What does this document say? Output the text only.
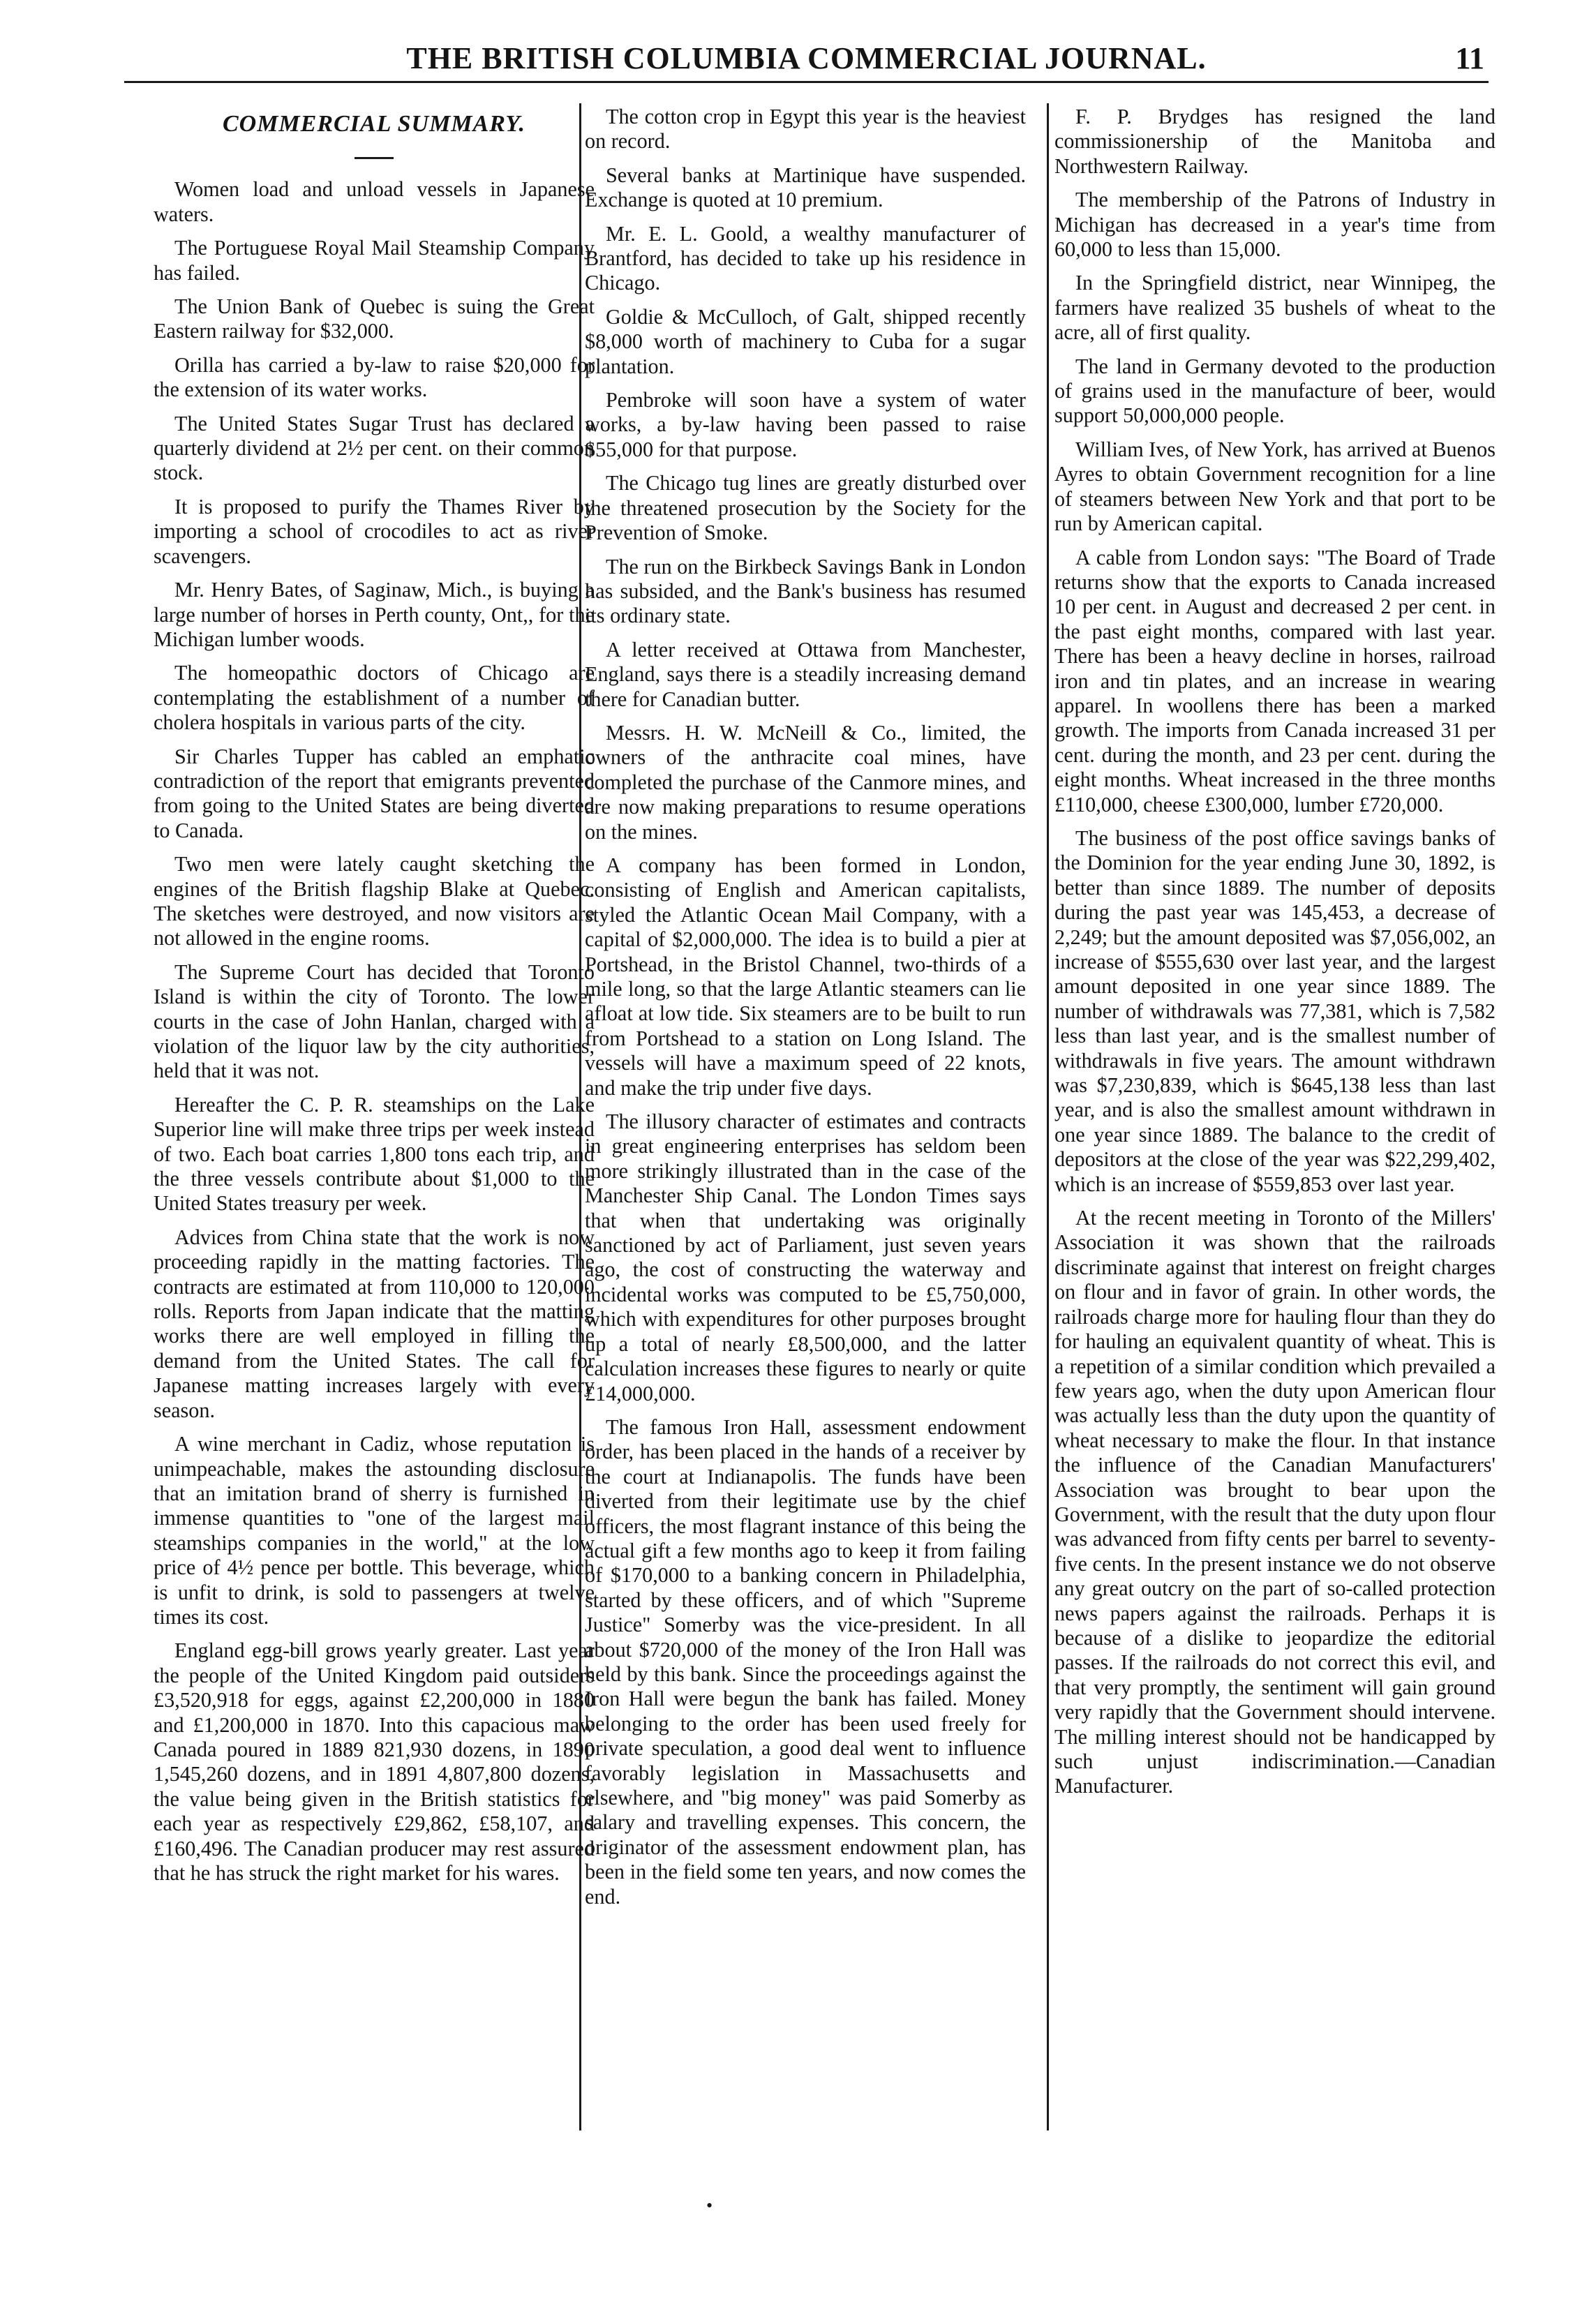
THE BRITISH COLUMBIA COMMERCIAL JOURNAL.	11
COMMERCIAL SUMMARY.

Women load and unload vessels in Japanese waters.

The Portuguese Royal Mail Steamship Company has failed.

The Union Bank of Quebec is suing the Great Eastern railway for $32,000.

Orilla has carried a by-law to raise $20,000 for the extension of its water works.

The United States Sugar Trust has declared a quarterly dividend at 2½ per cent. on their common stock.

It is proposed to purify the Thames River by importing a school of crocodiles to act as river scavengers.

Mr. Henry Bates, of Saginaw, Mich., is buying a large number of horses in Perth county, Ont,, for the Michigan lumber woods.

The homeopathic doctors of Chicago are contemplating the establishment of a number of cholera hospitals in various parts of the city.

Sir Charles Tupper has cabled an emphatic contradiction of the report that emigrants prevented from going to the United States are being diverted to Canada.

Two men were lately caught sketching the engines of the British flagship Blake at Quebec. The sketches were destroyed, and now visitors are not allowed in the engine rooms.

The Supreme Court has decided that Toronto Island is within the city of Toronto. The lower courts in the case of John Hanlan, charged with a violation of the liquor law by the city authorities, held that it was not.

Hereafter the C. P. R. steamships on the Lake Superior line will make three trips per week instead of two. Each boat carries 1,800 tons each trip, and the three vessels contribute about $1,000 to the United States treasury per week.

Advices from China state that the work is now proceeding rapidly in the matting factories. The contracts are estimated at from 110,000 to 120,000 rolls. Reports from Japan indicate that the matting works there are well employed in filling the demand from the United States. The call for Japanese matting increases largely with every season.

A wine merchant in Cadiz, whose reputation is unimpeachable, makes the astounding disclosure that an imitation brand of sherry is furnished in immense quantities to "one of the largest mail steamships companies in the world," at the low price of 4½ pence per bottle. This beverage, which is unfit to drink, is sold to passengers at twelve times its cost.

England egg-bill grows yearly greater. Last year the people of the United Kingdom paid outsiders £3,520,918 for eggs, against £2,200,000 in 1880 and £1,200,000 in 1870. Into this capacious maw Canada poured in 1889 821,930 dozens, in 1890 1,545,260 dozens, and in 1891 4,807,800 dozens, the value being given in the British statistics for each year as respectively £29,862, £58,107, and £160,496. The Canadian producer may rest assured that he has struck the right market for his wares.

The cotton crop in Egypt this year is the heaviest on record.

Several banks at Martinique have suspended. Exchange is quoted at 10 premium.

Mr. E. L. Goold, a wealthy manufacturer of Brantford, has decided to take up his residence in Chicago.

Goldie & McCulloch, of Galt, shipped recently $8,000 worth of machinery to Cuba for a sugar plantation.

Pembroke will soon have a system of water works, a by-law having been passed to raise $55,000 for that purpose.

The Chicago tug lines are greatly disturbed over the threatened prosecution by the Society for the Prevention of Smoke.

The run on the Birkbeck Savings Bank in London has subsided, and the Bank's business has resumed its ordinary state.

A letter received at Ottawa from Manchester, England, says there is a steadily increasing demand there for Canadian butter.

Messrs. H. W. McNeill & Co., limited, the owners of the anthracite coal mines, have completed the purchase of the Canmore mines, and are now making preparations to resume operations on the mines.

A company has been formed in London, consisting of English and American capitalists, styled the Atlantic Ocean Mail Company, with a capital of $2,000,000. The idea is to build a pier at Portshead, in the Bristol Channel, two-thirds of a mile long, so that the large Atlantic steamers can lie afloat at low tide. Six steamers are to be built to run from Portshead to a station on Long Island. The vessels will have a maximum speed of 22 knots, and make the trip under five days.

The illusory character of estimates and contracts in great engineering enterprises has seldom been more strikingly illustrated than in the case of the Manchester Ship Canal. The London Times says that when that undertaking was originally sanctioned by act of Parliament, just seven years ago, the cost of constructing the waterway and incidental works was computed to be £5,750,000, which with expenditures for other purposes brought up a total of nearly £8,500,000, and the latter calculation increases these figures to nearly or quite £14,000,000.

The famous Iron Hall, assessment endowment order, has been placed in the hands of a receiver by the court at Indianapolis. The funds have been diverted from their legitimate use by the chief officers, the most flagrant instance of this being the actual gift a few months ago to keep it from failing of $170,000 to a banking concern in Philadelphia, started by these officers, and of which "Supreme Justice" Somerby was the vice-president. In all about $720,000 of the money of the Iron Hall was held by this bank. Since the proceedings against the Iron Hall were begun the bank has failed. Money belonging to the order has been used freely for private speculation, a good deal went to influence favorably legislation in Massachusetts and elsewhere, and "big money" was paid Somerby as salary and travelling expenses. This concern, the originator of the assessment endowment plan, has been in the field some ten years, and now comes the end.

F. P. Brydges has resigned the land commissionership of the Manitoba and Northwestern Railway.

The membership of the Patrons of Industry in Michigan has decreased in a year's time from 60,000 to less than 15,000.

In the Springfield district, near Winnipeg, the farmers have realized 35 bushels of wheat to the acre, all of first quality.

The land in Germany devoted to the production of grains used in the manufacture of beer, would support 50,000,000 people.

William Ives, of New York, has arrived at Buenos Ayres to obtain Government recognition for a line of steamers between New York and that port to be run by American capital.

A cable from London says: "The Board of Trade returns show that the exports to Canada increased 10 per cent. in August and decreased 2 per cent. in the past eight months, compared with last year. There has been a heavy decline in horses, railroad iron and tin plates, and an increase in wearing apparel. In woollens there has been a marked growth. The imports from Canada increased 31 per cent. during the month, and 23 per cent. during the eight months. Wheat increased in the three months £110,000, cheese £300,000, lumber £720,000.

The business of the post office savings banks of the Dominion for the year ending June 30, 1892, is better than since 1889. The number of deposits during the past year was 145,453, a decrease of 2,249; but the amount deposited was $7,056,002, an increase of $555,630 over last year, and the largest amount deposited in one year since 1889. The number of withdrawals was 77,381, which is 7,582 less than last year, and is the smallest number of withdrawals in five years. The amount withdrawn was $7,230,839, which is $645,138 less than last year, and is also the smallest amount withdrawn in one year since 1889. The balance to the credit of depositors at the close of the year was $22,299,402, which is an increase of $559,853 over last year.

At the recent meeting in Toronto of the Millers' Association it was shown that the railroads discriminate against that interest on freight charges on flour and in favor of grain. In other words, the railroads charge more for hauling flour than they do for hauling an equivalent quantity of wheat. This is a repetition of a similar condition which prevailed a few years ago, when the duty upon American flour was actually less than the duty upon the quantity of wheat necessary to make the flour. In that instance the influence of the Canadian Manufacturers' Association was brought to bear upon the Government, with the result that the duty upon flour was advanced from fifty cents per barrel to seventy-five cents. In the present instance we do not observe any great outcry on the part of so-called protection news papers against the railroads. Perhaps it is because of a dislike to jeopardize the editorial passes. If the railroads do not correct this evil, and that very promptly, the sentiment will gain ground very rapidly that the Government should intervene. The milling interest should not be handicapped by such unjust indiscrimination.—Canadian Manufacturer.

•
